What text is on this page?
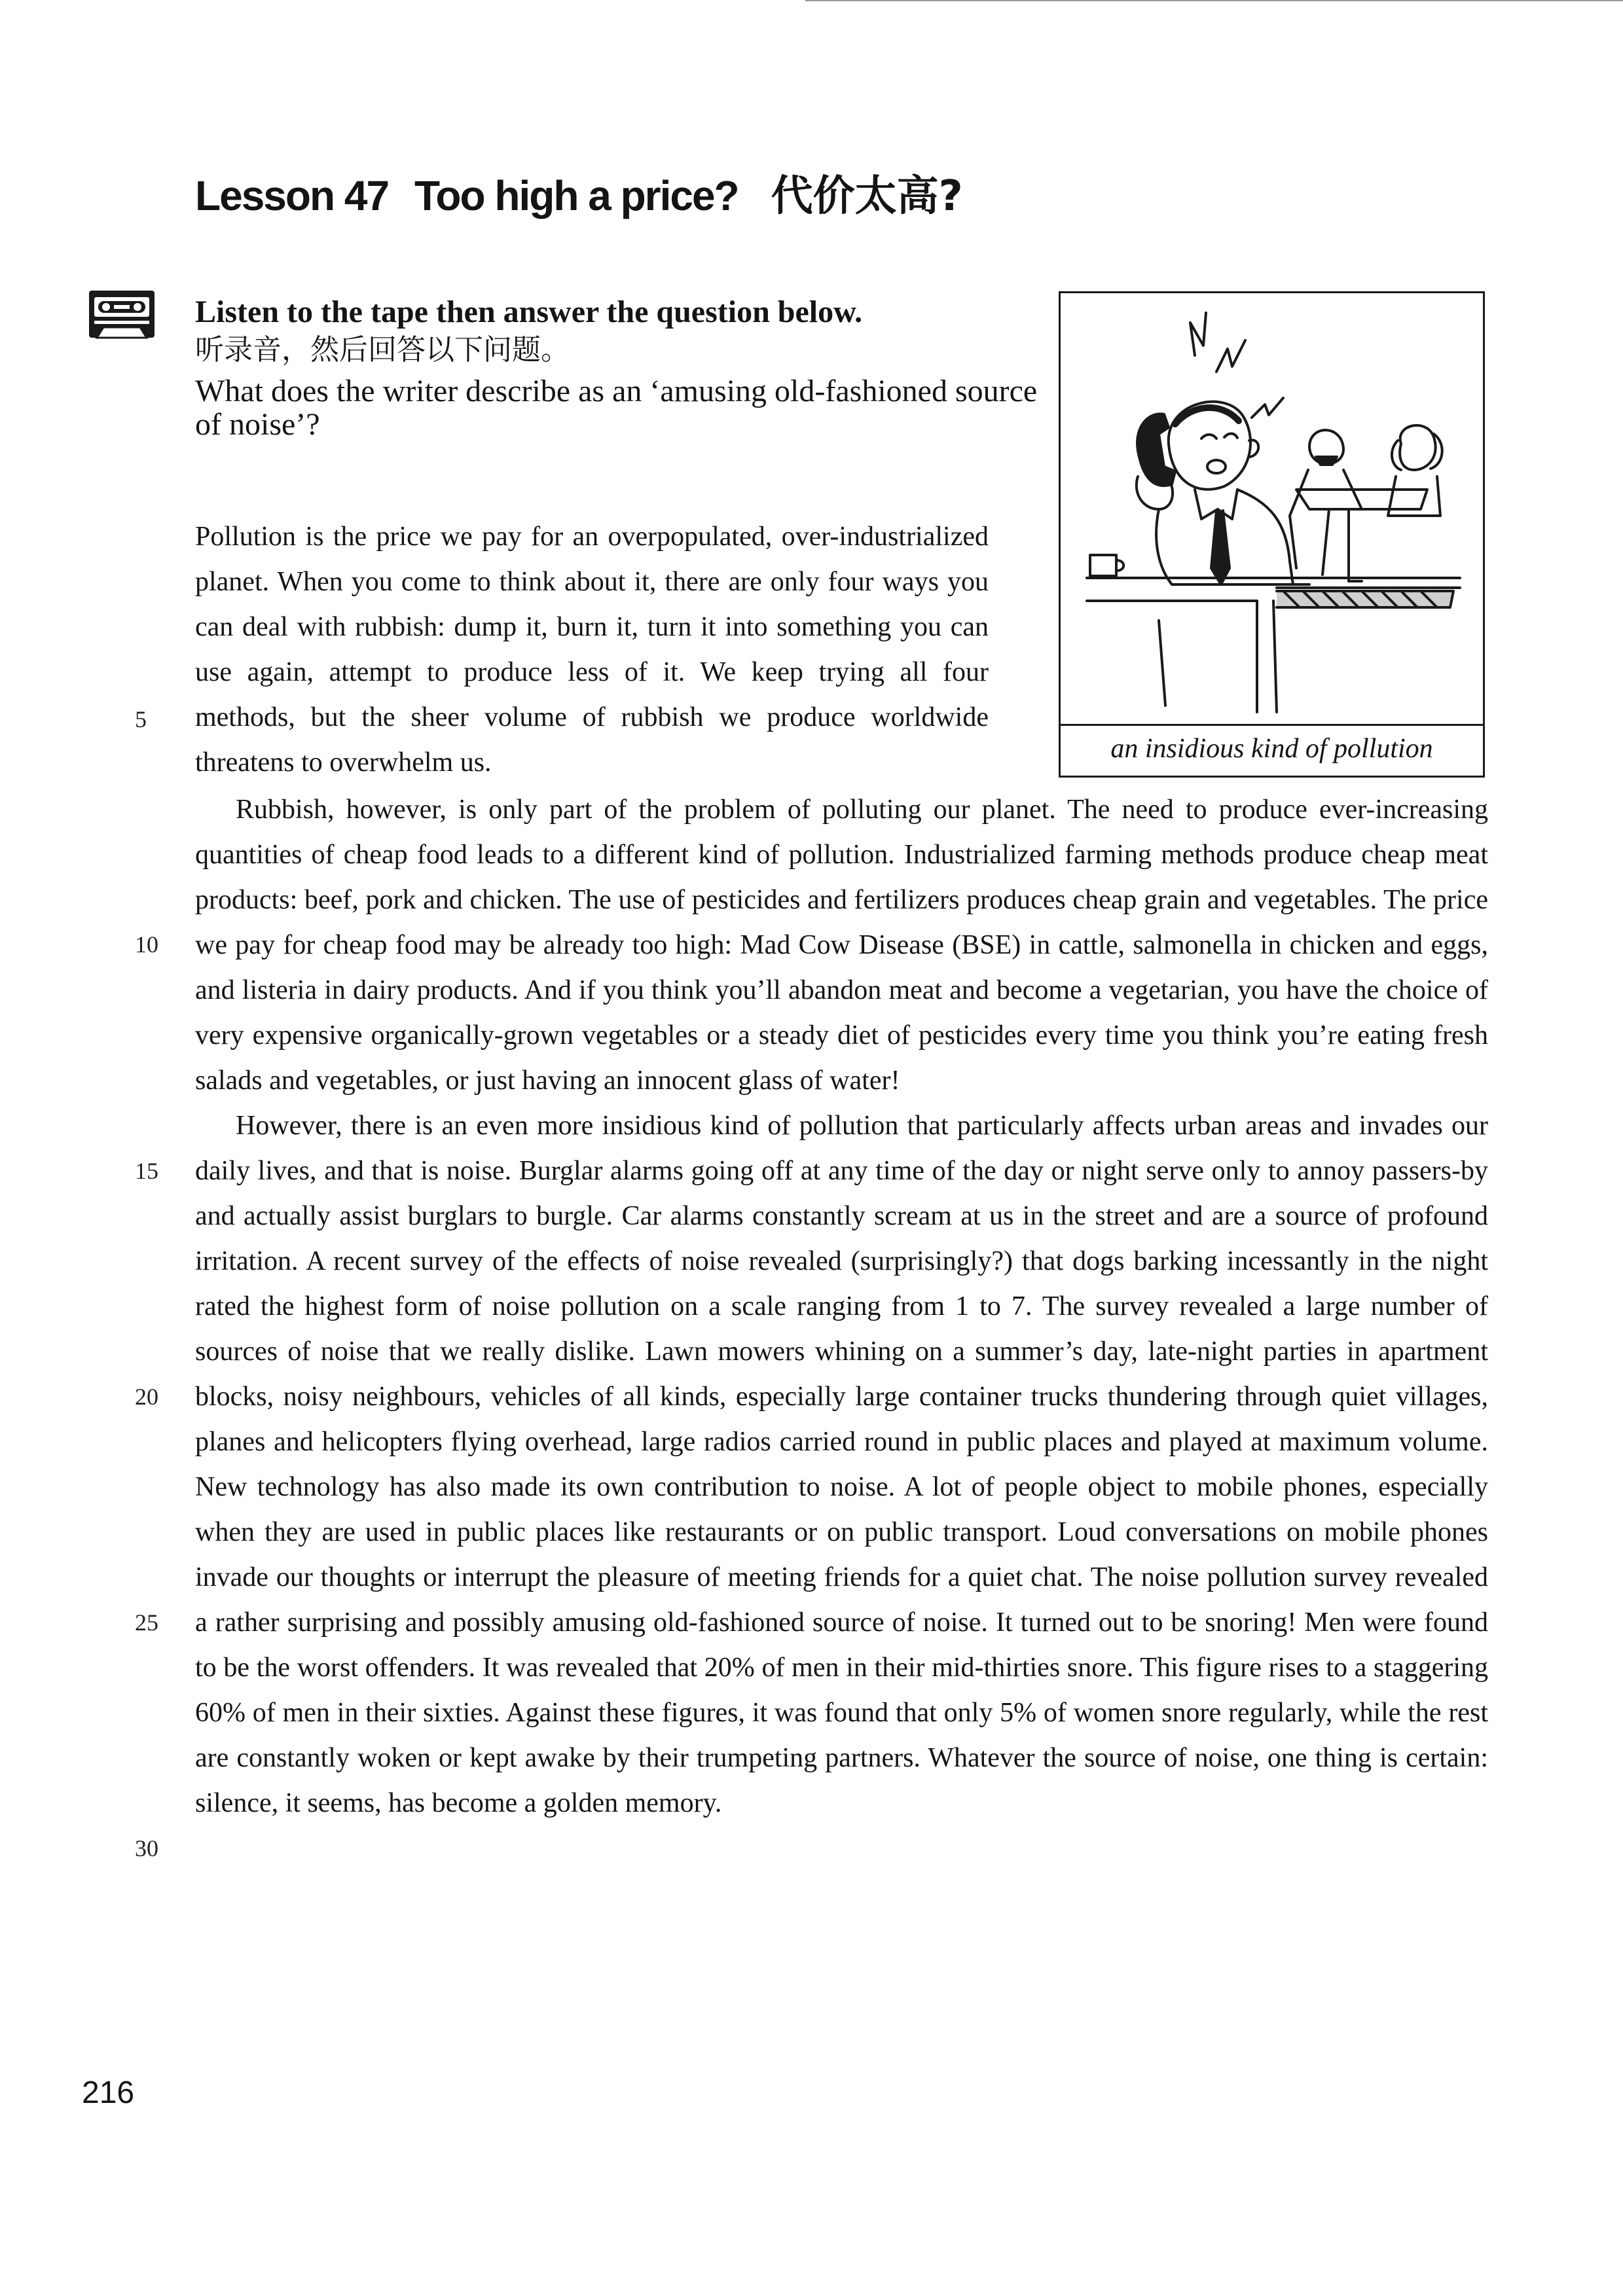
Lesson 47 Too high a price? 代价太高?
Listen to the tape then answer the question below.
听录音，然后回答以下问题。
What does the writer describe as an ‘amusing old-fashioned source of noise’?
an insidious kind of pollution

Pollution is the price we pay for an overpopulated, over-industrialized planet. When you come to think about it, there are only four ways you can deal with rubbish: dump it, burn it, turn it into something you can use again, attempt to produce less of it. We keep trying all four methods, but the sheer volume of rubbish we produce worldwide threatens to overwhelm us.

Rubbish, however, is only part of the problem of polluting our planet. The need to produce ever-increasing quantities of cheap food leads to a different kind of pollution. Industrialized farming methods produce cheap meat products: beef, pork and chicken. The use of pesticides and fertilizers produces cheap grain and vegetables. The price we pay for cheap food may be already too high: Mad Cow Disease (BSE) in cattle, salmonella in chicken and eggs, and listeria in dairy products. And if you think you’ll abandon meat and become a vegetarian, you have the choice of very expensive organically-grown vegetables or a steady diet of pesticides every time you think you’re eating fresh salads and vegetables, or just having an innocent glass of water!

However, there is an even more insidious kind of pollution that particularly affects urban areas and invades our daily lives, and that is noise. Burglar alarms going off at any time of the day or night serve only to annoy passers-by and actually assist burglars to burgle. Car alarms constantly scream at us in the street and are a source of profound irritation. A recent survey of the effects of noise revealed (surprisingly?) that dogs barking incessantly in the night rated the highest form of noise pollution on a scale ranging from 1 to 7. The survey revealed a large number of sources of noise that we really dislike. Lawn mowers whining on a summer’s day, late-night parties in apartment blocks, noisy neighbours, vehicles of all kinds, especially large container trucks thundering through quiet villages, planes and helicopters flying overhead, large radios carried round in public places and played at maximum volume. New technology has also made its own contribution to noise. A lot of people object to mobile phones, especially when they are used in public places like restaurants or on public transport. Loud conversations on mobile phones invade our thoughts or interrupt the pleasure of meeting friends for a quiet chat. The noise pollution survey revealed a rather surprising and possibly amusing old-fashioned source of noise. It turned out to be snoring! Men were found to be the worst offenders. It was revealed that 20% of men in their mid-thirties snore. This figure rises to a staggering 60% of men in their sixties. Against these figures, it was found that only 5% of women snore regularly, while the rest are constantly woken or kept awake by their trumpeting partners. Whatever the source of noise, one thing is certain: silence, it seems, has become a golden memory.

5
10
15
20
25
30
216
